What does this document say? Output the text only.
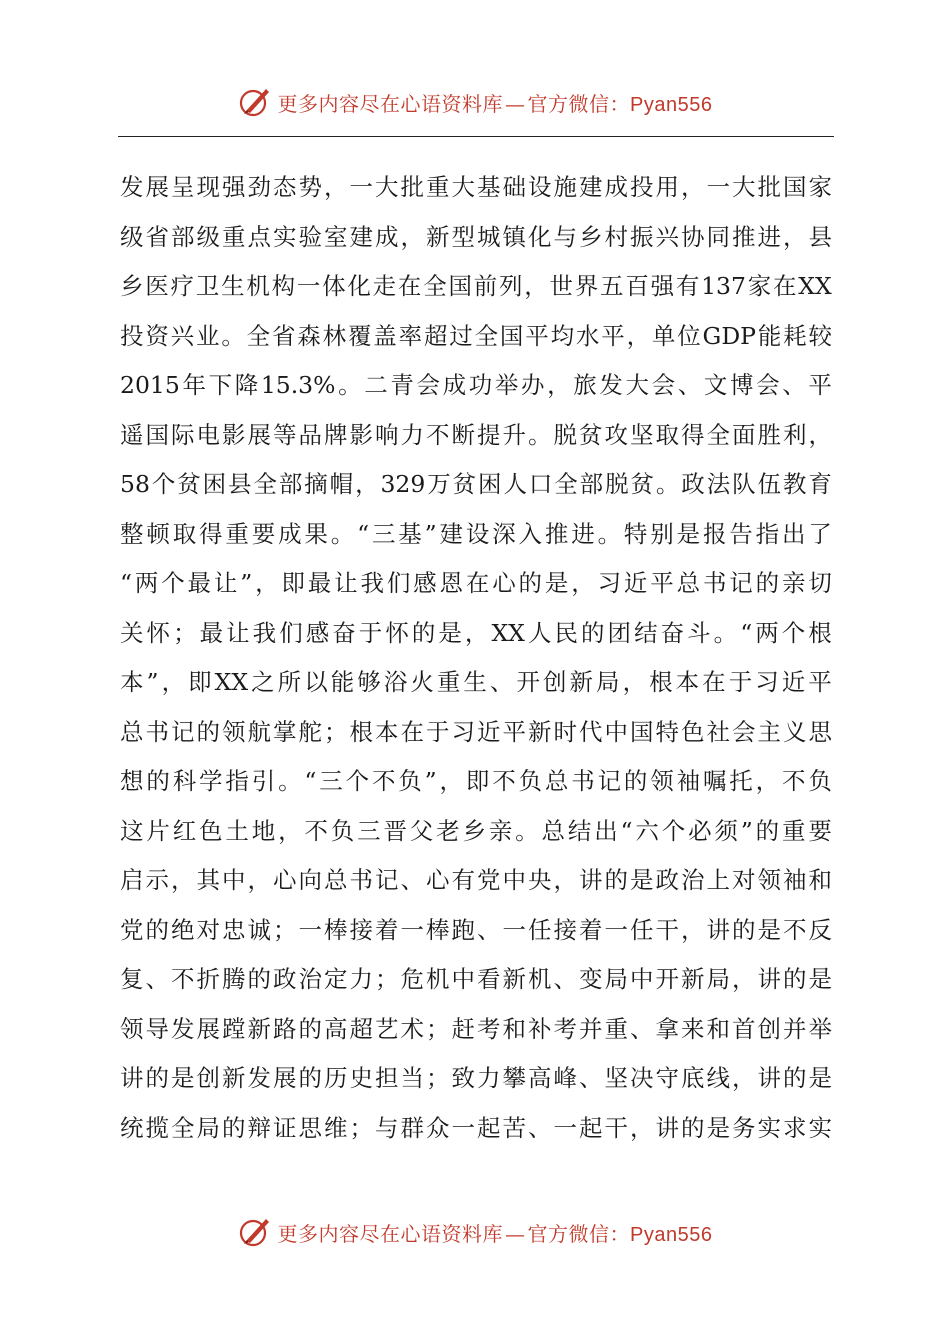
更多内容尽在心语资料库 — 官方微信： Pyan556
发 展 呈 现 强 劲 态 势 ， 一 大 批 重 大 基 础 设 施 建 成 投 用 ， 一 大 批 国 家
级 省 部 级 重 点 实 验 室 建 成 ， 新 型 城 镇 化 与 乡 村 振 兴 协 同 推 进 ， 县
乡 医 疗 卫 生 机 构 一 体 化 走 在 全 国 前 列 ， 世 界 五 百 强 有 137 家 在 XX
投 资 兴 业 。 全 省 森 林 覆 盖 率 超 过 全 国 平 均 水 平 ， 单 位 GDP 能 耗 较
2015 年 下 降 15.3% 。 二 青 会 成 功 举 办 ， 旅 发 大 会 、 文 博 会 、 平
遥 国 际 电 影 展 等 品 牌 影 响 力 不 断 提 升 。 脱 贫 攻 坚 取 得 全 面 胜 利 ，
58 个 贫 困 县 全 部 摘 帽 ， 329 万 贫 困 人 口 全 部 脱 贫 。 政 法 队 伍 教 育
整 顿 取 得 重 要 成 果 。 “ 三 基 ” 建 设 深 入 推 进 。 特 别 是 报 告 指 出 了
“ 两 个 最 让 ” ， 即 最 让 我 们 感 恩 在 心 的 是 ， 习 近 平 总 书 记 的 亲 切
关 怀 ； 最 让 我 们 感 奋 于 怀 的 是 ， XX 人 民 的 团 结 奋 斗 。 “ 两 个 根
本 ” ， 即 XX 之 所 以 能 够 浴 火 重 生 、 开 创 新 局 ， 根 本 在 于 习 近 平
总 书 记 的 领 航 掌 舵 ； 根 本 在 于 习 近 平 新 时 代 中 国 特 色 社 会 主 义 思
想 的 科 学 指 引 。 “ 三 个 不 负 ” ， 即 不 负 总 书 记 的 领 袖 嘱 托 ， 不 负
这 片 红 色 土 地 ， 不 负 三 晋 父 老 乡 亲 。 总 结 出 “ 六 个 必 须 ” 的 重 要
启 示 ， 其 中 ， 心 向 总 书 记 、 心 有 党 中 央 ， 讲 的 是 政 治 上 对 领 袖 和
党 的 绝 对 忠 诚 ； 一 棒 接 着 一 棒 跑 、 一 任 接 着 一 任 干 ， 讲 的 是 不 反
复 、 不 折 腾 的 政 治 定 力 ； 危 机 中 看 新 机 、 变 局 中 开 新 局 ， 讲 的 是
领 导 发 展 蹚 新 路 的 高 超 艺 术 ； 赶 考 和 补 考 并 重 、 拿 来 和 首 创 并 举
讲 的 是 创 新 发 展 的 历 史 担 当 ； 致 力 攀 高 峰 、 坚 决 守 底 线 ， 讲 的 是
统 揽 全 局 的 辩 证 思 维 ； 与 群 众 一 起 苦 、 一 起 干 ， 讲 的 是 务 实 求 实
更多内容尽在心语资料库 — 官方微信： Pyan556
